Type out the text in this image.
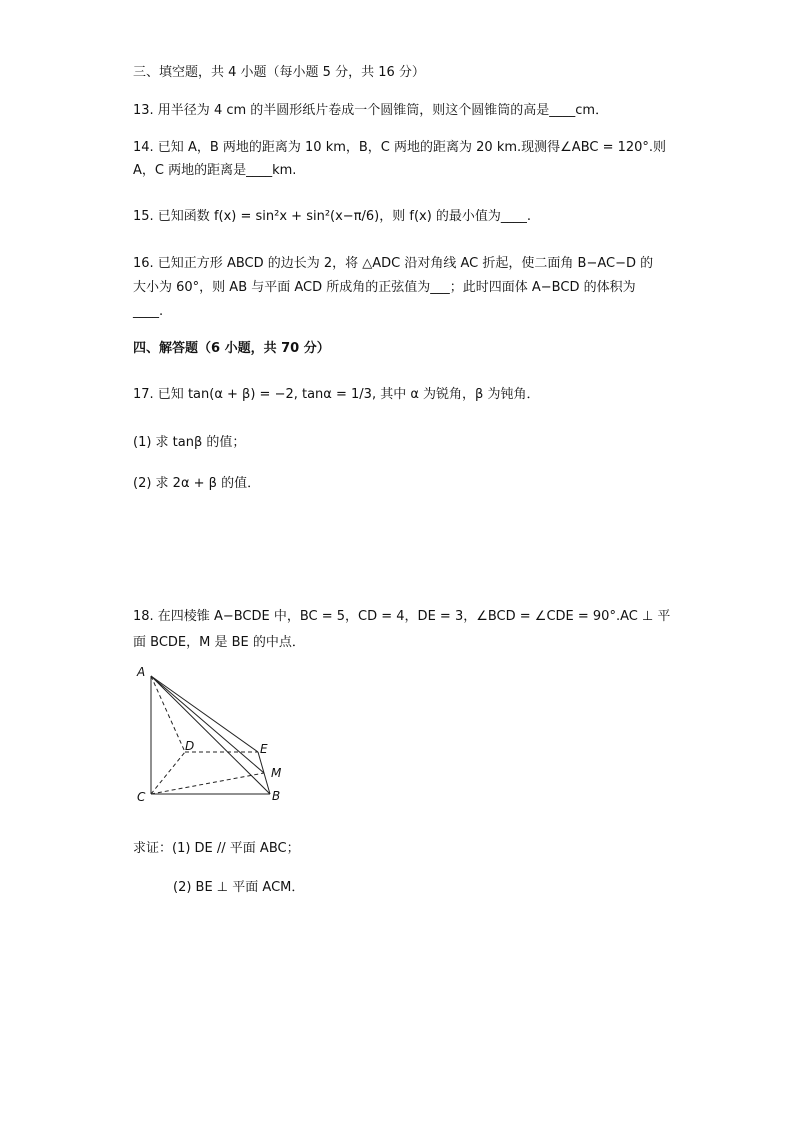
三、填空题，共 4 小题（每小题 5 分，共 16 分）
13. 用半径为 4 cm 的半圆形纸片卷成一个圆锥筒，则这个圆锥筒的高是____cm．
14. 已知 A，B 两地的距离为 10 km，B，C 两地的距离为 20 km.现测得∠ABC = 120°.则
A，C 两地的距离是____km.
15. 已知函数 f(x) = sin²x + sin²(x−π/6)，则 f(x) 的最小值为____.
16. 已知正方形 ABCD 的边长为 2，将 △ADC 沿对角线 AC 折起，使二面角 B−AC−D 的
大小为 60°，则 AB 与平面 ACD 所成角的正弦值为___；此时四面体 A−BCD 的体积为
____.
四、解答题（6 小题，共 70 分）
17. 已知 tan(α + β) = −2, tanα = 1/3, 其中 α 为锐角，β 为钝角．
(1) 求 tanβ 的值；
(2) 求 2α + β 的值．
18. 在四棱锥 A−BCDE 中，BC = 5，CD = 4，DE = 3，∠BCD = ∠CDE = 90°.AC ⊥ 平
面 BCDE，M 是 BE 的中点．
A
B
C
D	E
M
求证：(1) DE // 平面 ABC；
(2) BE ⊥ 平面 ACM．
